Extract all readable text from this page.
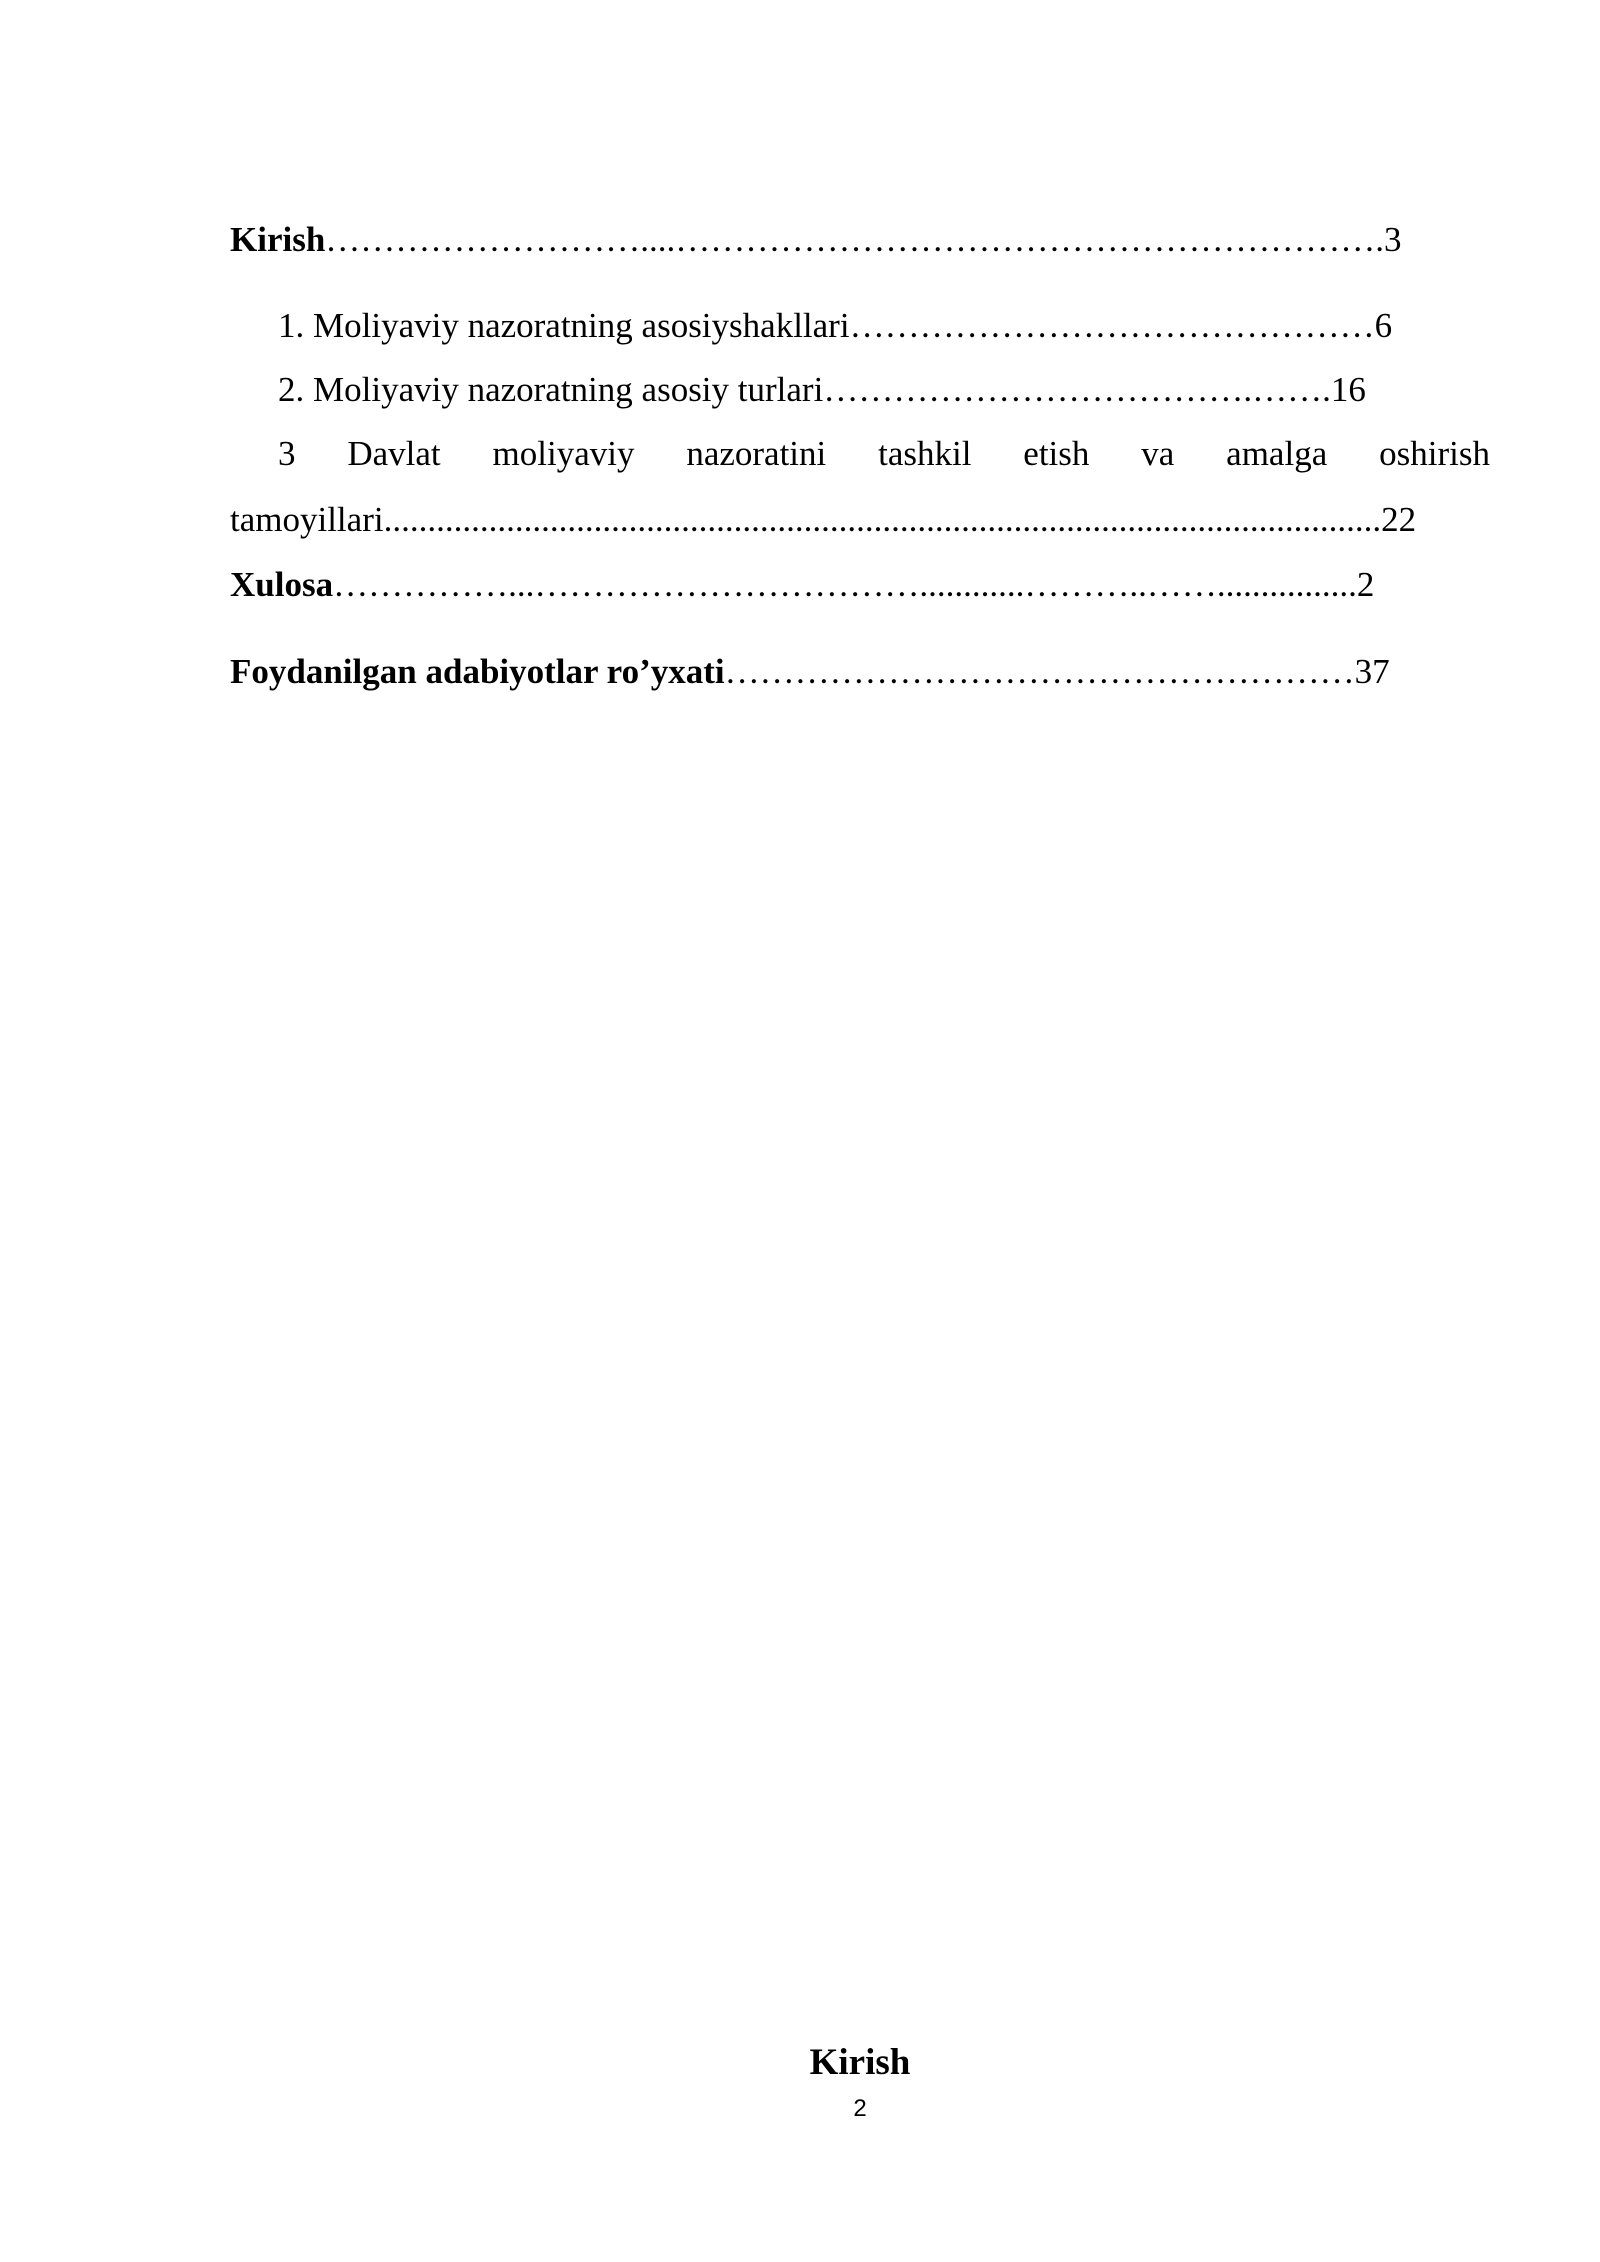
Kirish………………………....…………………………………………………….3
1. Moliyaviy nazoratning asosiyshakllari………………………………………6
2. Moliyaviy nazoratning asosiy turlari……………………………….…….16
3 Davlat moliyaviy nazoratini tashkil etish va amalga oshirish
tamoyillari..................................................................................................................22
Xulosa……………...……………………………............………..……................2
Foydanilgan adabiyotlar ro’yxati………………………………………………37
Kirish
2
